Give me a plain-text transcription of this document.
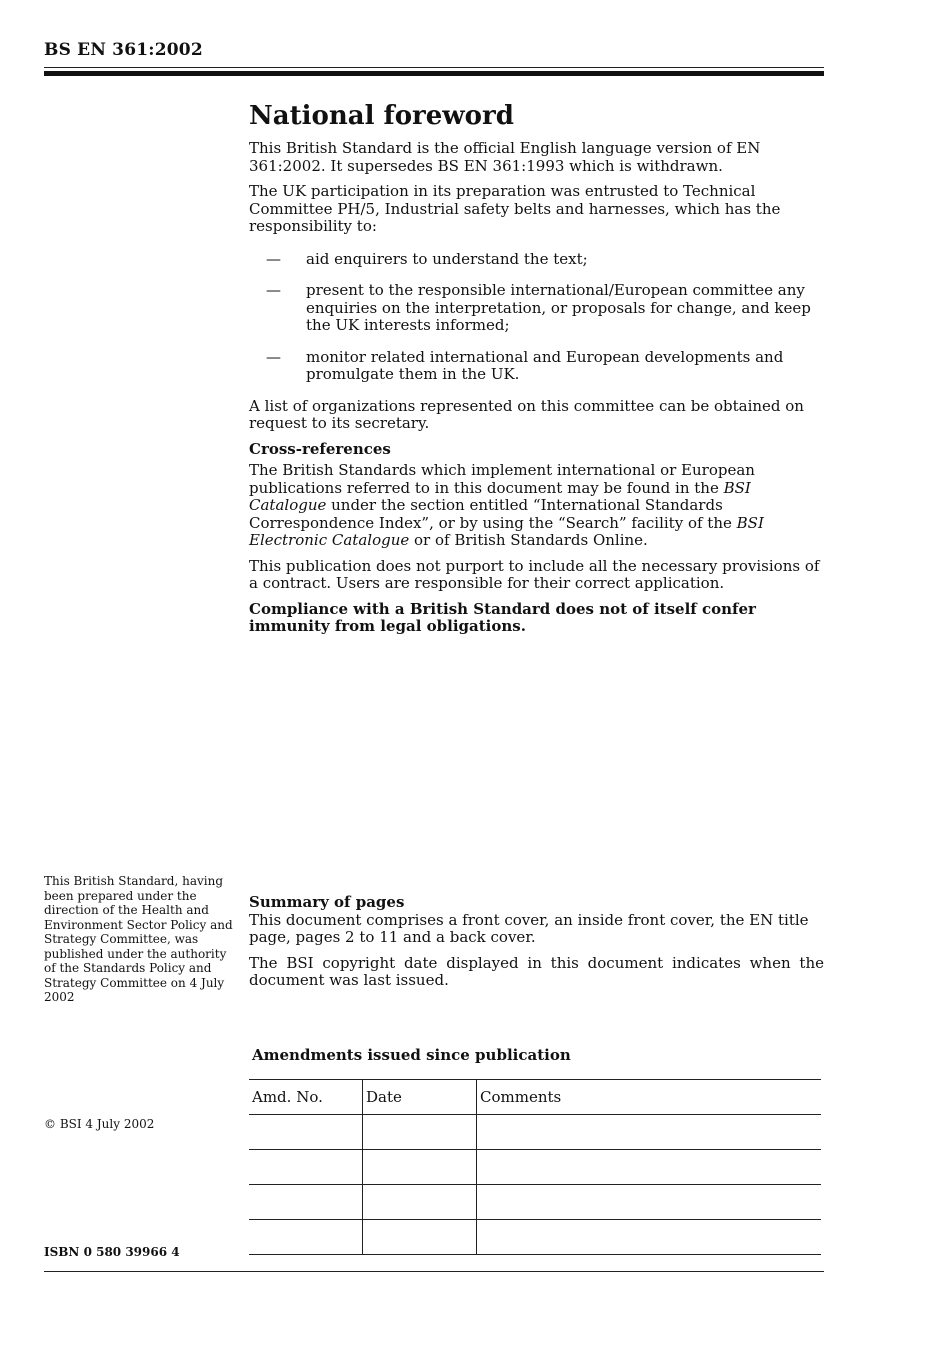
BS EN 361:2002
National foreword

This British Standard is the official English language version of EN 361:2002. It supersedes BS EN 361:1993 which is withdrawn.

The UK participation in its preparation was entrusted to Technical Committee PH/5, Industrial safety belts and harnesses, which has the responsibility to:

— aid enquirers to understand the text;
— present to the responsible international/European committee any enquiries on the interpretation, or proposals for change, and keep the UK interests informed;
— monitor related international and European developments and promulgate them in the UK.

A list of organizations represented on this committee can be obtained on request to its secretary.

Cross-references

The British Standards which implement international or European publications referred to in this document may be found in the BSI Catalogue under the section entitled “International Standards Correspondence Index”, or by using the “Search” facility of the BSI Electronic Catalogue or of British Standards Online.

This publication does not purport to include all the necessary provisions of a contract. Users are responsible for their correct application.

Compliance with a British Standard does not of itself confer immunity from legal obligations.

This British Standard, having been prepared under the direction of the Health and Environment Sector Policy and Strategy Committee, was published under the authority of the Standards Policy and Strategy Committee on 4 July 2002
Summary of pages

This document comprises a front cover, an inside front cover, the EN title page, pages 2 to 11 and a back cover.

The BSI copyright date displayed in this document indicates when the document was last issued.

Amendments issued since publication
Amd. No.	Date	Comments

© BSI 4 July 2002
ISBN 0 580 39966 4
